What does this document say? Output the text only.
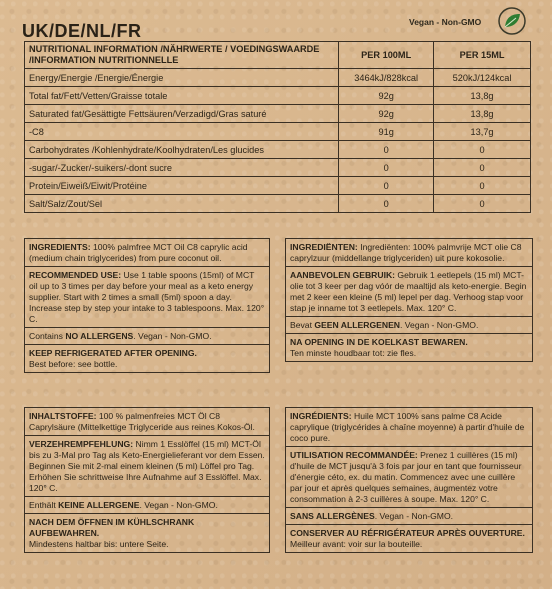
UK/DE/NL/FR	Vegan - Non-GMO
NUTRITIONAL INFORMATION /NÄHRWERTE / VOEDINGSWAARDE /INFORMATION NUTRITIONNELLE	PER 100ML	PER 15ML
Energy/Energie /Energie/Énergie	3464kJ/828kcal	520kJ/124kcal
Total fat/Fett/Vetten/Graisse totale	92g	13,8g
Saturated fat/Gesättigte Fettsäuren/Verzadigd/Gras saturé	92g	13,8g
-C8	91g	13,7g
Carbohydrates /Kohlenhydrate/Koolhydraten/Les glucides	0	0
-sugar/-Zucker/-suikers/-dont sucre	0	0
Protein/Eiweiß/Eiwit/Protéine	0	0
Salt/Salz/Zout/Sel	0	0
INGREDIENTS: 100% palmfree MCT Oil C8 caprylic acid (medium chain triglycerides) from pure coconut oil.
RECOMMENDED USE: Use 1 table spoons (15ml) of MCT oil up to 3 times per day before your meal as a keto energy supplier. Start with 2 times a small (5ml) spoon a day. Increase step by step your intake to 3 tablespoons. Max. 120° C.
Contains NO ALLERGENS. Vegan - Non-GMO.
KEEP REFRIGERATED AFTER OPENING.
Best before: see bottle.
INGREDIËNTEN: Ingrediënten: 100% palmvrije MCT olie C8 caprylzuur (middellange triglyceriden) uit pure kokosolie.
AANBEVOLEN GEBRUIK: Gebruik 1 eetlepels (15 ml) MCT-olie tot 3 keer per dag vóór de maaltijd als keto-energie. Begin met 2 keer een kleine (5 ml) lepel per dag. Verhoog stap voor stap je inname tot 3 eetlepels. Max. 120° C.
Bevat GEEN ALLERGENEN. Vegan - Non-GMO.
NA OPENING IN DE KOELKAST BEWAREN.
Ten minste houdbaar tot: zie fles.
INHALTSTOFFE: 100 % palmenfreies MCT Öl C8 Caprylsäure (Mittelkettige Triglyceride aus reines Kokos-Öl.
VERZEHREMPFEHLUNG: Nimm 1 Esslöffel (15 ml) MCT-Öl bis zu 3-Mal pro Tag als Keto-Energielieferant vor dem Essen. Beginnen Sie mit 2-mal einem kleinen (5 ml) Löffel pro Tag. Erhöhen Sie schrittweise Ihre Aufnahme auf 3 Esslöffel. Max. 120° C.
Enthält KEINE ALLERGENE. Vegan - Non-GMO.
NACH DEM ÖFFNEN IM KÜHLSCHRANK AUFBEWAHREN.
Mindestens haltbar bis: untere Seite.
INGRÉDIENTS: Huile MCT 100% sans palme C8 Acide caprylique (triglycérides à chaîne moyenne) à partir d'huile de coco pure.
UTILISATION RECOMMANDÉE: Prenez 1 cuillères (15 ml) d'huile de MCT jusqu'à 3 fois par jour en tant que fournisseur d'énergie céto, ex. du matin. Commencez avec une cuillère par jour et après quelques semaines, augmentez votre consommation à 2-3 cuillères à soupe. Max. 120° C.
SANS ALLERGÈNES. Vegan - Non-GMO.
CONSERVER AU RÉFRIGÉRATEUR APRÈS OUVERTURE.
Meilleur avant: voir sur la bouteille.
